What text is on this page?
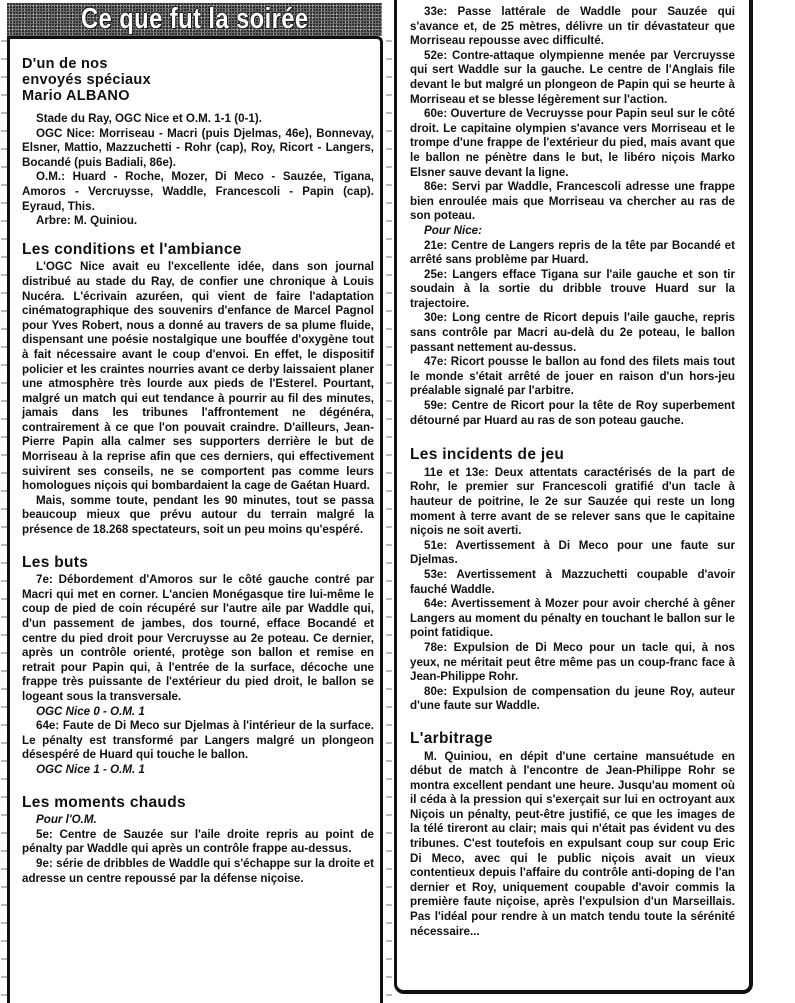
Ce que fut la soirée
D'un de nos
envoyés spéciaux
Mario ALBANO

Stade du Ray, OGC Nice et O.M. 1-1 (0-1).

OGC Nice: Morriseau - Macri (puis Djelmas, 46e), Bonnevay, Elsner, Mattio, Mazzuchetti - Rohr (cap), Roy, Ricort - Langers, Bocandé (puis Badiali, 86e).

O.M.: Huard - Roche, Mozer, Di Meco - Sauzée, Tigana, Amoros - Vercruysse, Waddle, Francescoli - Papin (cap). Eyraud, This.

Arbre: M. Quiniou.

Les conditions et l'ambiance

L'OGC Nice avait eu l'excellente idée, dans son journal distribué au stade du Ray, de confier une chronique à Louis Nucéra. L'écrivain azuréen, qui vient de faire l'adaptation cinématographique des souvenirs d'enfance de Marcel Pagnol pour Yves Robert, nous a donné au travers de sa plume fluide, dispensant une poésie nostalgique une bouffée d'oxygène tout à fait nécessaire avant le coup d'envoi. En effet, le dispositif policier et les craintes nourries avant ce derby laissaient planer une atmosphère très lourde aux pieds de l'Esterel. Pourtant, malgré un match qui eut tendance à pourrir au fil des minutes, jamais dans les tribunes l'affrontement ne dégénéra, contrairement à ce que l'on pouvait craindre. D'ailleurs, Jean-Pierre Papin alla calmer ses supporters derrière le but de Morriseau à la reprise afin que ces derniers, qui effectivement suivirent ses conseils, ne se comportent pas comme leurs homologues niçois qui bombardaient la cage de Gaétan Huard.

Mais, somme toute, pendant les 90 minutes, tout se passa beaucoup mieux que prévu autour du terrain malgré la présence de 18.268 spectateurs, soit un peu moins qu'espéré.

Les buts

7e: Débordement d'Amoros sur le côté gauche contré par Macri qui met en corner. L'ancien Monégasque tire lui-même le coup de pied de coin récupéré sur l'autre aile par Waddle qui, d'un passement de jambes, dos tourné, efface Bocandé et centre du pied droit pour Vercruysse au 2e poteau. Ce dernier, après un contrôle orienté, protège son ballon et remise en retrait pour Papin qui, à l'entrée de la surface, décoche une frappe très puissante de l'extérieur du pied droit, le ballon se logeant sous la transversale.

OGC Nice 0 - O.M. 1

64e: Faute de Di Meco sur Djelmas à l'intérieur de la surface. Le pénalty est transformé par Langers malgré un plongeon désespéré de Huard qui touche le ballon.

OGC Nice 1 - O.M. 1

Les moments chauds

Pour l'O.M.

5e: Centre de Sauzée sur l'aile droite repris au point de pénalty par Waddle qui après un contrôle frappe au-dessus.

9e: série de dribbles de Waddle qui s'échappe sur la droite et adresse un centre repoussé par la défense niçoise.

33e: Passe lattérale de Waddle pour Sauzée qui s'avance et, de 25 mètres, délivre un tir dévastateur que Morriseau repousse avec difficulté.

52e: Contre-attaque olympienne menée par Vercruysse qui sert Waddle sur la gauche. Le centre de l'Anglais file devant le but malgré un plongeon de Papin qui se heurte à Morriseau et se blesse légèrement sur l'action.

60e: Ouverture de Vecruysse pour Papin seul sur le côté droit. Le capitaine olympien s'avance vers Morriseau et le trompe d'une frappe de l'extérieur du pied, mais avant que le ballon ne pénètre dans le but, le libéro niçois Marko Elsner sauve devant la ligne.

86e: Servi par Waddle, Francescoli adresse une frappe bien enroulée mais que Morriseau va chercher au ras de son poteau.

Pour Nice:

21e: Centre de Langers repris de la tête par Bocandé et arrêté sans problème par Huard.

25e: Langers efface Tigana sur l'aile gauche et son tir soudain à la sortie du dribble trouve Huard sur la trajectoire.

30e: Long centre de Ricort depuis l'aile gauche, repris sans contrôle par Macri au-delà du 2e poteau, le ballon passant nettement au-dessus.

47e: Ricort pousse le ballon au fond des filets mais tout le monde s'était arrêté de jouer en raison d'un hors-jeu préalable signalé par l'arbitre.

59e: Centre de Ricort pour la tête de Roy superbement détourné par Huard au ras de son poteau gauche.

Les incidents de jeu

11e et 13e: Deux attentats caractérisés de la part de Rohr, le premier sur Francescoli gratifié d'un tacle à hauteur de poitrine, le 2e sur Sauzée qui reste un long moment à terre avant de se relever sans que le capitaine niçois ne soit averti.

51e: Avertissement à Di Meco pour une faute sur Djelmas.

53e: Avertissement à Mazzuchetti coupable d'avoir fauché Waddle.

64e: Avertissement à Mozer pour avoir cherché à gêner Langers au moment du pénalty en touchant le ballon sur le point fatidique.

78e: Expulsion de Di Meco pour un tacle qui, à nos yeux, ne méritait peut être même pas un coup-franc face à Jean-Philippe Rohr.

80e: Expulsion de compensation du jeune Roy, auteur d'une faute sur Waddle.

L'arbitrage

M. Quiniou, en dépit d'une certaine mansuétude en début de match à l'encontre de Jean-Philippe Rohr se montra excellent pendant une heure. Jusqu'au moment où il céda à la pression qui s'exerçait sur lui en octroyant aux Niçois un pénalty, peut-être justifié, ce que les images de la télé tireront au clair; mais qui n'était pas évident vu des tribunes. C'est toutefois en expulsant coup sur coup Eric Di Meco, avec qui le public niçois avait un vieux contentieux depuis l'affaire du contrôle anti-doping de l'an dernier et Roy, uniquement coupable d'avoir commis la première faute niçoise, après l'expulsion d'un Marseillais. Pas l'idéal pour rendre à un match tendu toute la sérénité nécessaire...
